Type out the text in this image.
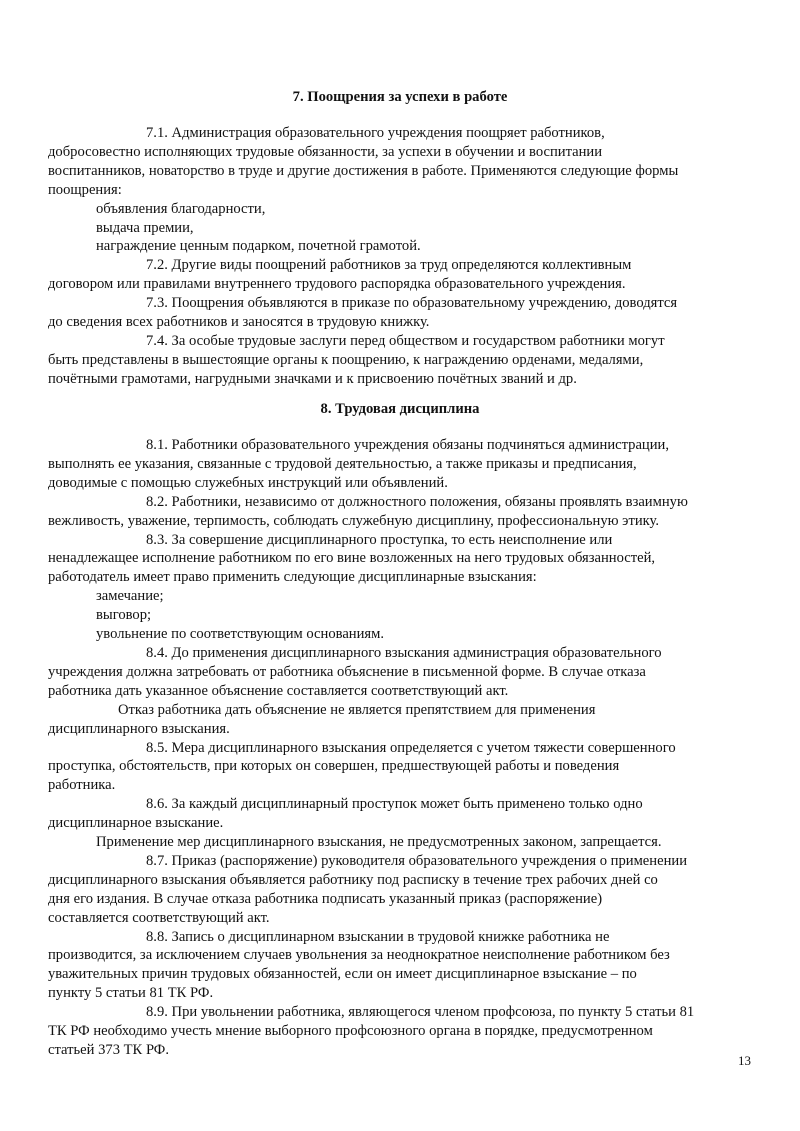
7. Поощрения за успехи в работе
7.1. Администрация образовательного учреждения поощряет работников,
добросовестно исполняющих трудовые обязанности, за успехи в обучении и воспитании
воспитанников, новаторство в труде и другие достижения в работе. Применяются следующие формы
поощрения:
объявления благодарности,
выдача премии,
награждение ценным подарком, почетной грамотой.
7.2. Другие виды поощрений работников за труд определяются коллективным
договором или правилами внутреннего трудового распорядка образовательного учреждения.
7.3. Поощрения объявляются в приказе по образовательному учреждению, доводятся
до сведения всех работников и заносятся в трудовую книжку.
7.4. За особые трудовые заслуги перед обществом и государством работники могут
быть представлены в вышестоящие органы к поощрению, к награждению орденами, медалями,
почётными грамотами, нагрудными значками и к присвоению почётных званий и др.
8. Трудовая дисциплина
8.1. Работники образовательного учреждения обязаны подчиняться администрации,
выполнять ее указания, связанные с трудовой деятельностью, а также приказы и предписания,
доводимые с помощью служебных инструкций или объявлений.
8.2. Работники, независимо от должностного положения, обязаны проявлять взаимную
вежливость, уважение, терпимость, соблюдать служебную дисциплину, профессиональную этику.
8.3. За совершение дисциплинарного проступка, то есть неисполнение или
ненадлежащее исполнение работником по его вине возложенных на него трудовых обязанностей,
работодатель имеет право применить следующие дисциплинарные взыскания:
замечание;
выговор;
увольнение по соответствующим основаниям.
8.4. До применения дисциплинарного взыскания администрация образовательного
учреждения должна затребовать от работника объяснение в письменной форме. В случае отказа
работника дать указанное объяснение составляется соответствующий акт.
Отказ работника дать объяснение не является препятствием для применения
дисциплинарного взыскания.
8.5. Мера дисциплинарного взыскания определяется с учетом тяжести совершенного
проступка, обстоятельств, при которых он совершен, предшествующей работы и поведения
работника.
8.6. За каждый дисциплинарный проступок может быть применено только одно
дисциплинарное взыскание.
Применение мер дисциплинарного взыскания, не предусмотренных законом, запрещается.
8.7. Приказ (распоряжение) руководителя образовательного учреждения о применении
дисциплинарного взыскания объявляется работнику под расписку в течение трех рабочих дней со
дня его издания. В случае отказа работника подписать указанный приказ (распоряжение)
составляется соответствующий акт.
8.8. Запись о дисциплинарном взыскании в трудовой книжке работника не
производится, за исключением случаев увольнения за неоднократное неисполнение работником без
уважительных причин трудовых обязанностей, если он имеет дисциплинарное взыскание – по
пункту 5 статьи 81 ТК РФ.
8.9. При увольнении работника, являющегося членом профсоюза, по пункту 5 статьи 81
ТК РФ необходимо учесть мнение выборного профсоюзного органа в порядке, предусмотренном
статьей 373 ТК РФ.
13
